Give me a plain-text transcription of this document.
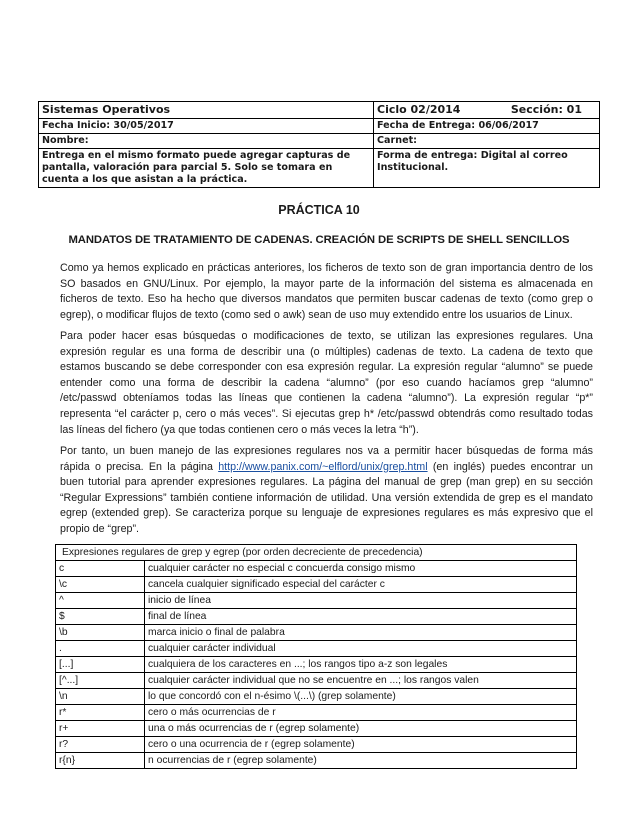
Sistemas Operativos	Ciclo 02/2014 Sección: 01

Fecha Inicio: 30/05/2017	Fecha de Entrega: 06/06/2017
Nombre:	Carnet:
Entrega en el mismo formato puede agregar capturas de pantalla, valoración para parcial 5. Solo se tomara en cuenta a los que asistan a la práctica.	Forma de entrega: Digital al correo Institucional.
PRÁCTICA 10
MANDATOS DE TRATAMIENTO DE CADENAS. CREACIÓN DE SCRIPTS DE SHELL SENCILLOS

Como ya hemos explicado en prácticas anteriores, los ficheros de texto son de gran importancia dentro de los SO basados en GNU/Linux. Por ejemplo, la mayor parte de la información del sistema es almacenada en ficheros de texto. Eso ha hecho que diversos mandatos que permiten buscar cadenas de texto (como grep o egrep), o modificar flujos de texto (como sed o awk) sean de uso muy extendido entre los usuarios de Linux.

Para poder hacer esas búsquedas o modificaciones de texto, se utilizan las expresiones regulares. Una expresión regular es una forma de describir una (o múltiples) cadenas de texto. La cadena de texto que estamos buscando se debe corresponder con esa expresión regular. La expresión regular “alumno” se puede entender como una forma de describir la cadena “alumno” (por eso cuando hacíamos grep “alumno” /etc/passwd obteníamos todas las líneas que contienen la cadena “alumno”). La expresión regular “p*” representa “el carácter p, cero o más veces”. Si ejecutas grep h* /etc/passwd obtendrás como resultado todas las líneas del fichero (ya que todas contienen cero o más veces la letra “h”).

Por tanto, un buen manejo de las expresiones regulares nos va a permitir hacer búsquedas de forma más rápida o precisa. En la página http://www.panix.com/~elflord/unix/grep.html (en inglés) puedes encontrar un buen tutorial para aprender expresiones regulares. La página del manual de grep (man grep) en su sección “Regular Expressions” también contiene información de utilidad. Una versión extendida de grep es el mandato egrep (extended grep). Se caracteriza porque su lenguaje de expresiones regulares es más expresivo que el propio de “grep”.

Expresiones regulares de grep y egrep (por orden decreciente de precedencia)	
c	cualquier carácter no especial c concuerda consigo mismo
\c	cancela cualquier significado especial del carácter c
^	inicio de línea
$	final de línea
\b	marca inicio o final de palabra
.	cualquier carácter individual
[...]	cualquiera de los caracteres en ...; los rangos tipo a-z son legales
[^...]	cualquier carácter individual que no se encuentre en ...; los rangos valen
\n	lo que concordó con el n-ésimo \(...\) (grep solamente)
r*	cero o más ocurrencias de r
r+	una o más ocurrencias de r (egrep solamente)
r?	cero o una ocurrencia de r (egrep solamente)
r{n}	n ocurrencias de r (egrep solamente)
